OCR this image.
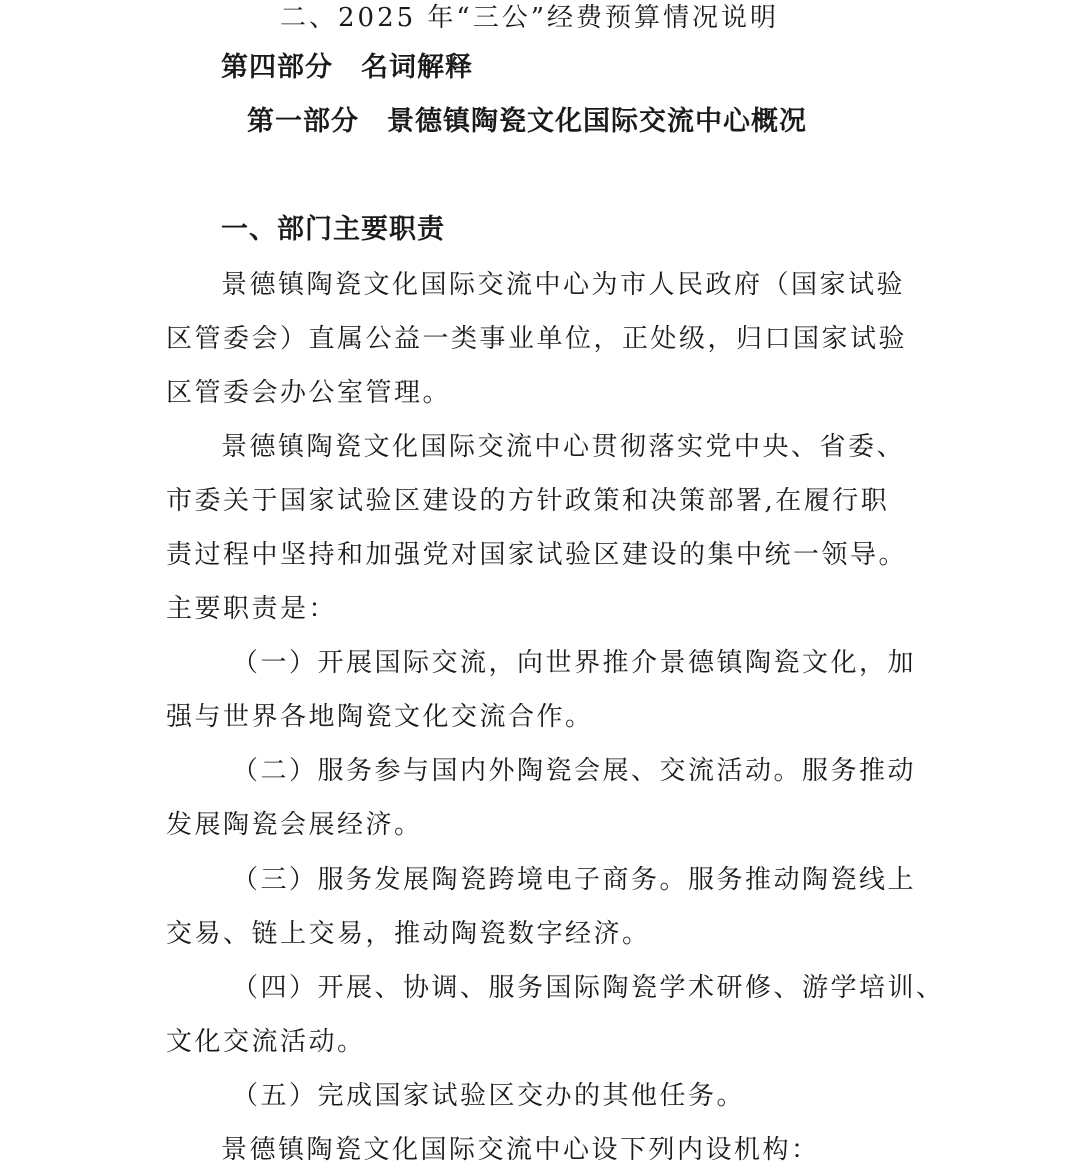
二、2025 年“三公”经费预算情况说明
第四部分　名词解释
第一部分　景德镇陶瓷文化国际交流中心概况
一、部门主要职责
景德镇陶瓷文化国际交流中心为市人民政府（国家试验
区管委会）直属公益一类事业单位，正处级，归口国家试验
区管委会办公室管理。
景德镇陶瓷文化国际交流中心贯彻落实党中央、省委、
市委关于国家试验区建设的方针政策和决策部署,在履行职
责过程中坚持和加强党对国家试验区建设的集中统一领导。
主要职责是：
（一）开展国际交流，向世界推介景德镇陶瓷文化，加
强与世界各地陶瓷文化交流合作。
（二）服务参与国内外陶瓷会展、交流活动。服务推动
发展陶瓷会展经济。
（三）服务发展陶瓷跨境电子商务。服务推动陶瓷线上
交易、链上交易，推动陶瓷数字经济。
（四）开展、协调、服务国际陶瓷学术研修、游学培训、
文化交流活动。
（五）完成国家试验区交办的其他任务。
景德镇陶瓷文化国际交流中心设下列内设机构：
